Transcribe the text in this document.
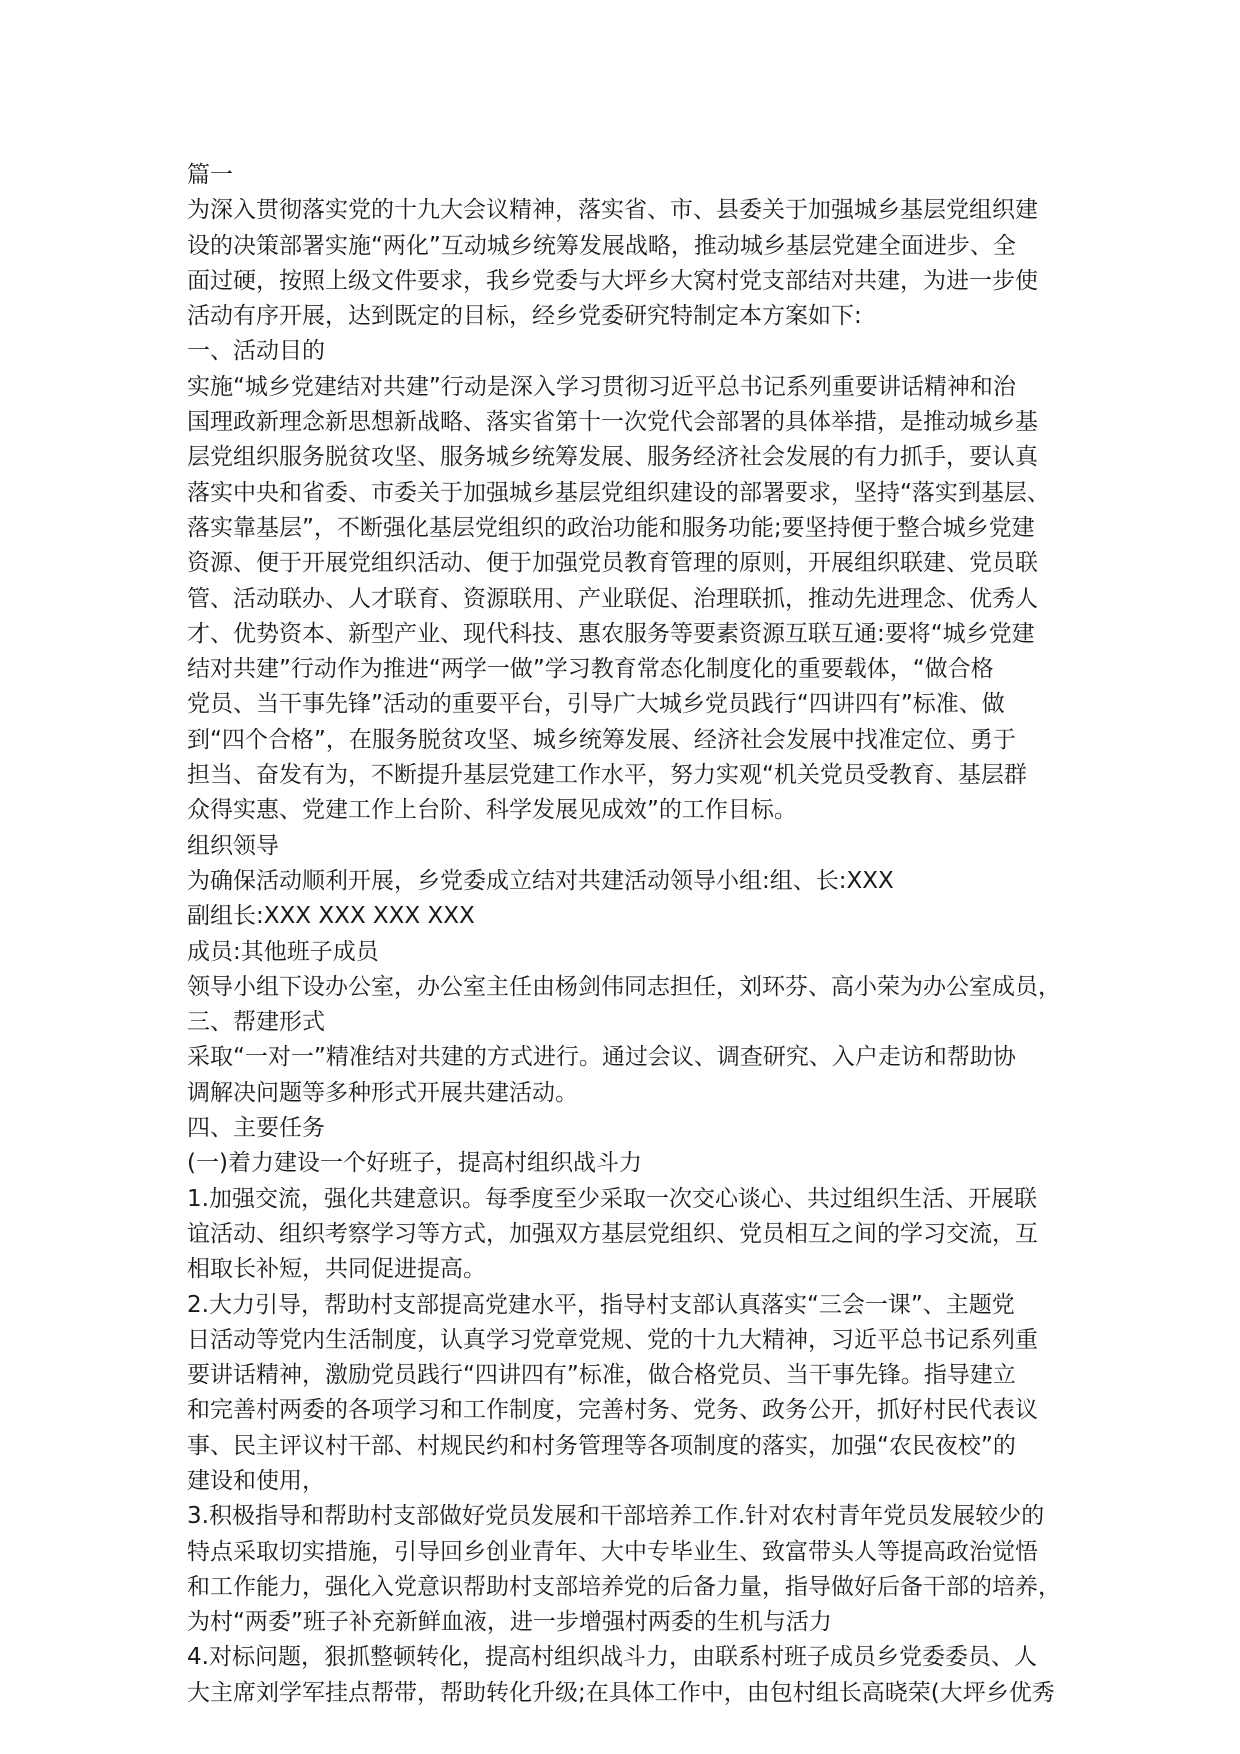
篇一
为深入贯彻落实党的十九大会议精神，落实省、市、县委关于加强城乡基层党组织建
设的决策部署实施“两化”互动城乡统筹发展战略，推动城乡基层党建全面进步、全
面过硬，按照上级文件要求，我乡党委与大坪乡大窝村党支部结对共建，为进一步使
活动有序开展，达到既定的目标，经乡党委研究特制定本方案如下:
一、活动目的
实施“城乡党建结对共建”行动是深入学习贯彻习近平总书记系列重要讲话精神和治
国理政新理念新思想新战略、落实省第十一次党代会部署的具体举措，是推动城乡基
层党组织服务脱贫攻坚、服务城乡统筹发展、服务经济社会发展的有力抓手，要认真
落实中央和省委、市委关于加强城乡基层党组织建设的部署要求，坚持“落实到基层、
落实靠基层”，不断强化基层党组织的政治功能和服务功能;要坚持便于整合城乡党建
资源、便于开展党组织活动、便于加强党员教育管理的原则，开展组织联建、党员联
管、活动联办、人才联育、资源联用、产业联促、治理联抓，推动先进理念、优秀人
才、优势资本、新型产业、现代科技、惠农服务等要素资源互联互通:要将“城乡党建
结对共建”行动作为推进“两学一做”学习教育常态化制度化的重要载体，“做合格
党员、当干事先锋”活动的重要平台，引导广大城乡党员践行“四讲四有”标准、做
到“四个合格”，在服务脱贫攻坚、城乡统筹发展、经济社会发展中找准定位、勇于
担当、奋发有为，不断提升基层党建工作水平，努力实观“机关党员受教育、基层群
众得实惠、党建工作上台阶、科学发展见成效”的工作目标。
组织领导
为确保活动顺利开展，乡党委成立结对共建活动领导小组:组、长:XXX
副组长:XXX XXX XXX XXX
成员:其他班子成员
领导小组下设办公室，办公室主任由杨剑伟同志担任，刘环芬、高小荣为办公室成员，
三、帮建形式
采取“一对一”精准结对共建的方式进行。通过会议、调查研究、入户走访和帮助协
调解决问题等多种形式开展共建活动。
四、主要任务
(一)着力建设一个好班子，提高村组织战斗力
1.加强交流，强化共建意识。每季度至少采取一次交心谈心、共过组织生活、开展联
谊活动、组织考察学习等方式，加强双方基层党组织、党员相互之间的学习交流，互
相取长补短，共同促进提高。
2.大力引导，帮助村支部提高党建水平，指导村支部认真落实“三会一课”、主题党
日活动等党内生活制度，认真学习党章党规、党的十九大精神，习近平总书记系列重
要讲话精神，激励党员践行“四讲四有”标准，做合格党员、当干事先锋。指导建立
和完善村两委的各项学习和工作制度，完善村务、党务、政务公开，抓好村民代表议
事、民主评议村干部、村规民约和村务管理等各项制度的落实，加强“农民夜校”的
建设和使用，
3.积极指导和帮助村支部做好党员发展和干部培养工作.针对农村青年党员发展较少的
特点采取切实措施，引导回乡创业青年、大中专毕业生、致富带头人等提高政治觉悟
和工作能力，强化入党意识帮助村支部培养党的后备力量，指导做好后备干部的培养，
为村“两委”班子补充新鲜血液，进一步增强村两委的生机与活力
4.对标问题，狠抓整顿转化，提高村组织战斗力，由联系村班子成员乡党委委员、人
大主席刘学军挂点帮带，帮助转化升级;在具体工作中，由包村组长高晓荣(大坪乡优秀
